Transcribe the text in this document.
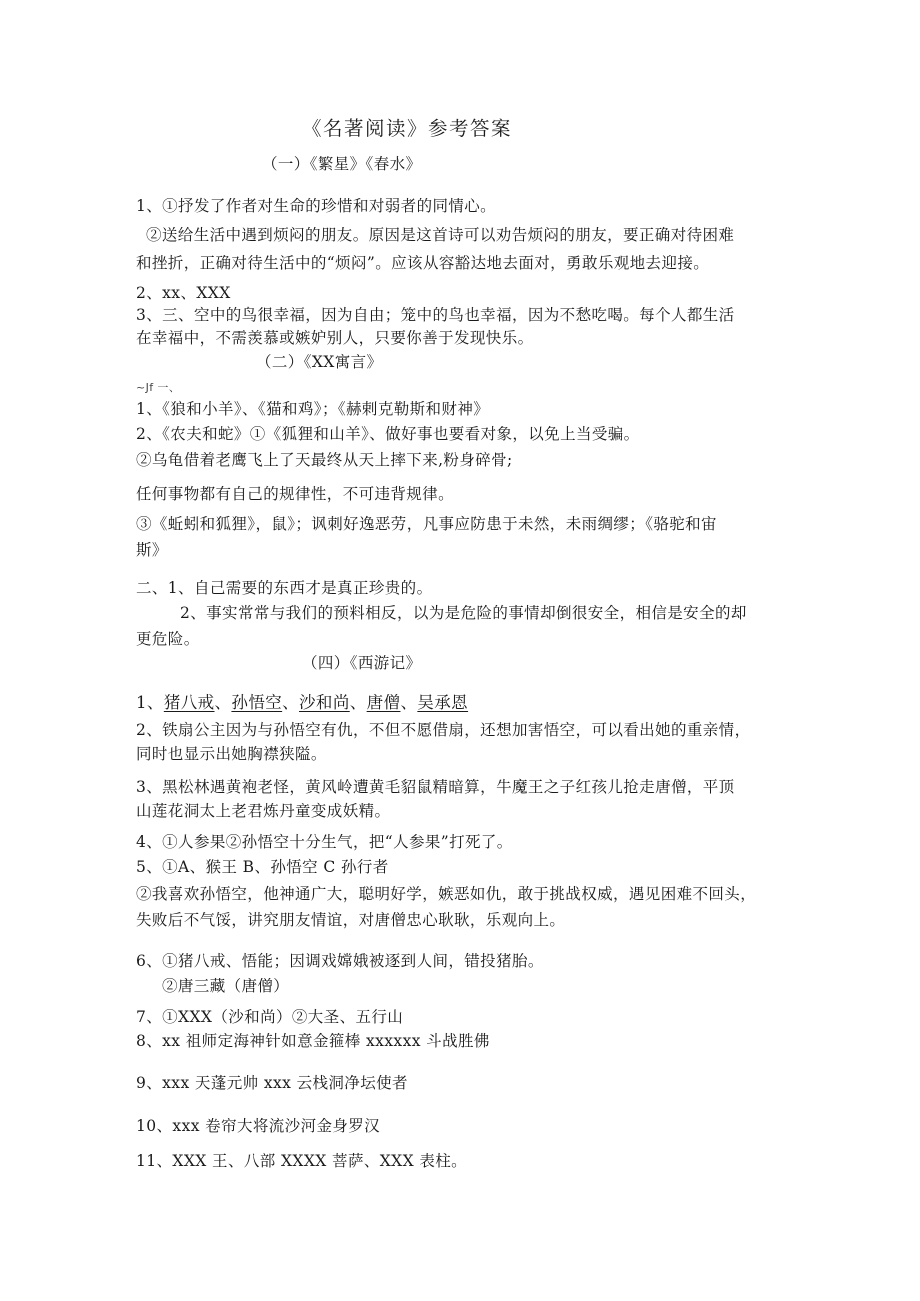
《名著阅读》参考答案
（一）《繁星》《春水》
1、①抒发了作者对生命的珍惜和对弱者的同情心。
②送给生活中遇到烦闷的朋友。原因是这首诗可以劝告烦闷的朋友，要正确对待困难
和挫折，正确对待生活中的“烦闷”。应该从容豁达地去面对，勇敢乐观地去迎接。
2、xx、XXX
3、三、空中的鸟很幸福，因为自由；笼中的鸟也幸福，因为不愁吃喝。每个人都生活
在幸福中，不需羡慕或嫉妒别人，只要你善于发现快乐。
（二）《XX寓言》
~Jf 一、
1、《狼和小羊》、《猫和鸡》；《赫剌克勒斯和财神》
2、《农夫和蛇》①《狐狸和山羊》、做好事也要看对象，以免上当受骗。
②乌龟借着老鹰飞上了天最终从天上摔下来,粉身碎骨;
任何事物都有自己的规律性，不可违背规律。
③《蚯蚓和狐狸》，鼠》；讽刺好逸恶劳，凡事应防患于未然，未雨绸缪；《骆驼和宙
斯》
二、1、自己需要的东西才是真正珍贵的。
2、事实常常与我们的预料相反，以为是危险的事情却倒很安全，相信是安全的却
更危险。
（四）《西游记》
1、猪八戒、孙悟空、沙和尚、唐僧、吴承恩
2、铁扇公主因为与孙悟空有仇，不但不愿借扇，还想加害悟空，可以看出她的重亲情，
同时也显示出她胸襟狭隘。
3、黑松林遇黄袍老怪，黄风岭遭黄毛貂鼠精暗算，牛魔王之子红孩儿抢走唐僧，平顶
山莲花洞太上老君炼丹童变成妖精。
4、①人参果②孙悟空十分生气，把“人参果”打死了。
5、①A、猴王 B、孙悟空 C 孙行者
②我喜欢孙悟空，他神通广大，聪明好学，嫉恶如仇，敢于挑战权威，遇见困难不回头，
失败后不气馁，讲究朋友情谊，对唐僧忠心耿耿，乐观向上。
6、①猪八戒、悟能；因调戏嫦娥被逐到人间，错投猪胎。
②唐三藏（唐僧）
7、①XXX（沙和尚）②大圣、五行山
8、xx 祖师定海神针如意金箍棒 xxxxxx 斗战胜佛
9、xxx 天蓬元帅 xxx 云栈洞净坛使者
10、xxx 卷帘大将流沙河金身罗汉
11、XXX 王、八部 XXXX 菩萨、XXX 表柱。
